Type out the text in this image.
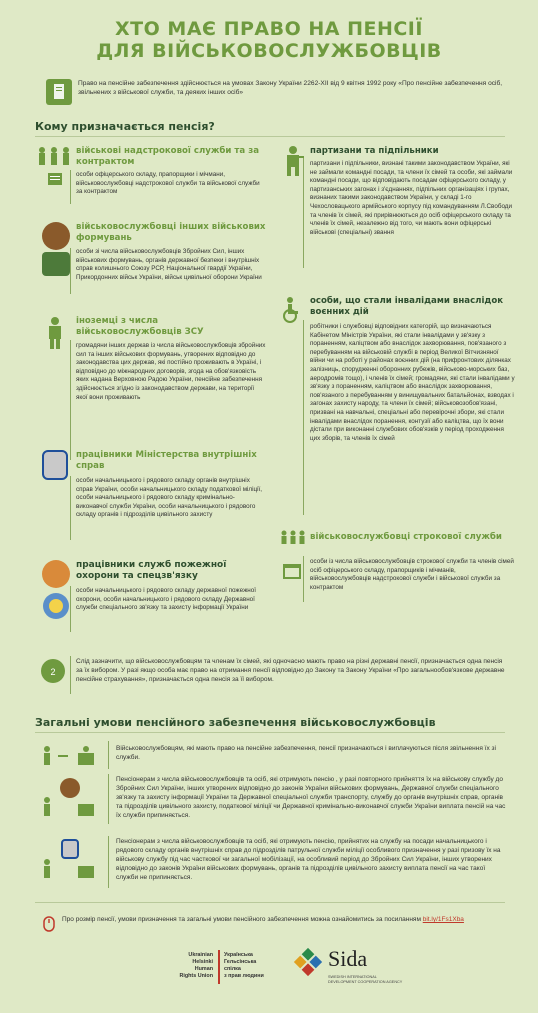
ХТО МАЄ ПРАВО НА ПЕНСІЇ
ДЛЯ ВІЙСЬКОВОСЛУЖБОВЦІВ
Право на пенсійне забезпечення здійснюється на умовах Закону України 2262-ХІІ від 9 квітня 1992 року «Про пенсійне забезпечення осіб, звільнених з військової служби, та деяких інших осіб»
Кому призначається пенсія?
військові надстрокової служби та за контрактом
особи офіцерського складу, прапорщики і мічмани, військовослужбовці надстрокової служби та військової служби за контрактом
військовослужбовці інших військових формувань
особи зі числа військовослужбовців Збройних Сил, інших військових формувань, органів державної безпеки і внутрішніх справ колишнього Союзу РСР, Національної гвардії України, Прикордонних військ України, військ цивільної оборони України
іноземці з числа військовослужбовців ЗСУ
громадяни інших держав із числа військовослужбовців збройних сил та інших військових формувань, утворених відповідно до законодавства цих держав, які постійно проживають в Україні, і відповідно до міжнародних договорів, згода на обов'язковість яких надана Верховною Радою України, пенсійне забезпечення здійснюється згідно із законодавством держави, на території якої вони проживають
працівники Міністерства внутрішніх справ
особи начальницького і рядового складу органів внутрішніх справ України, особи начальницького складу податкової міліції, особи начальницького і рядового складу кримінально-виконавчої служби України, особи начальницького і рядового складу органів і підрозділів цивільного захисту
працівники служб пожежної охорони та спецзв'язку
особи начальницького і рядового складу державної пожежної охорони, особи начальницького і рядового складу Державної служби спеціального зв'язку та захисту інформації України
партизани та підпільники
партизани і підпільники, визнані такими законодавством України, які не займали командні посади, та члени їх сімей та особи, які займали командні посади, що відповідають посадам офіцерського складу, у партизанських загонах і з'єднаннях, підпільних організаціях і групах, визнаних такими законодавством України, у складі 1-го Чехословацького армійського корпусу під командуванням Л.Свободи та членів їх сімей, які прирівнюються до осіб офіцерського складу та членів їх сімей, незалежно від того, чи мають вони офіцерські військові (спеціальні) звання
особи, що стали інвалідами внаслідок воєнних дій
робітники і службовці відповідних категорій, що визначаються Кабінетом Міністрів України, які стали інвалідами у зв'язку з пораненням, каліцтвом або внаслідок захворювання, пов'язаного з перебуванням на військовій службі в період Великої Вітчизняної війни чи на роботі у районах воєнних дій (на прифронтових ділянках залізниць, спорудженні оборонних рубежів, військово-морських баз, аеродромів тощо), і членів їх сімей; громадяни, які стали інвалідами у зв'язку з пораненням, каліцтвом або внаслідок захворювання, пов'язаного з перебуванням у винищувальних батальйонах, взводах і загонах захисту народу, та члени їх сімей; військовозобов'язані, призвані на навчальні, спеціальні або перевірочні збори, які стали інвалідами внаслідок поранення, контузії або каліцтва, що їх вони дістали при виконанні службових обов'язків у період проходження цих зборів, та членів їх сімей
військовослужбовці строкової служби
особи із числа військовослужбовців строкової служби та членів сімей осіб офіцерського складу, прапорщиків і мічманів, військовослужбовців надстрокової служби і військової служби за контрактом
2
Слід зазначити, що військовослужбовцям та членам їх сімей, які одночасно мають право на різні державні пенсії, призначається одна пенсія за їх вибором. У разі якщо особа має право на отримання пенсії відповідно до Закону та Закону України «Про загальнообов'язкове державне пенсійне страхування», призначається одна пенсія за її вибором.
Загальні умови пенсійного забезпечення військовослужбовців
Військовослужбовцям, які мають право на пенсійне забезпечення, пенсії призначаються і виплачуються після звільнення їх зі служби.
Пенсіонерам з числа військовослужбовців та осіб, які отримують пенсію , у разі повторного прийняття їх на військову службу до Збройних Сил України, інших утворених відповідно до законів України військових формувань, Державної служби спеціального зв'язку та захисту інформації України та Державної спеціальної служби транспорту, службу до органів внутрішніх справ, органів та підрозділів цивільного захисту, податкової міліції чи Державної кримінально-виконавчої служби України виплата пенсій на час їх служби припиняється.
Пенсіонерам з числа військовослужбовців та осіб, які отримують пенсію, прийнятих на службу на посади начальницького і рядового складу органів внутрішніх справ до підрозділів патрульної служби міліції особливого призначення у разі призову їх на військову службу під час часткової чи загальної мобілізації, на особливий період до Збройних Сил України, інших утворених відповідно до законів України військових формувань, органів та підрозділів цивільного захисту виплата пенсії на час такої служби не припиняється.
Про розмір пенсії, умови призначення та загальні умови пенсійного забезпечення можна ознайомитись за посиланням bit.ly/1Fs1Xba
Ukrainian
Helsinki
Human
Rights Union
Українська
Гельсінська
спілка
з прав людини
Sida
SWEDISH INTERNATIONAL
DEVELOPMENT COOPERATION AGENCY
